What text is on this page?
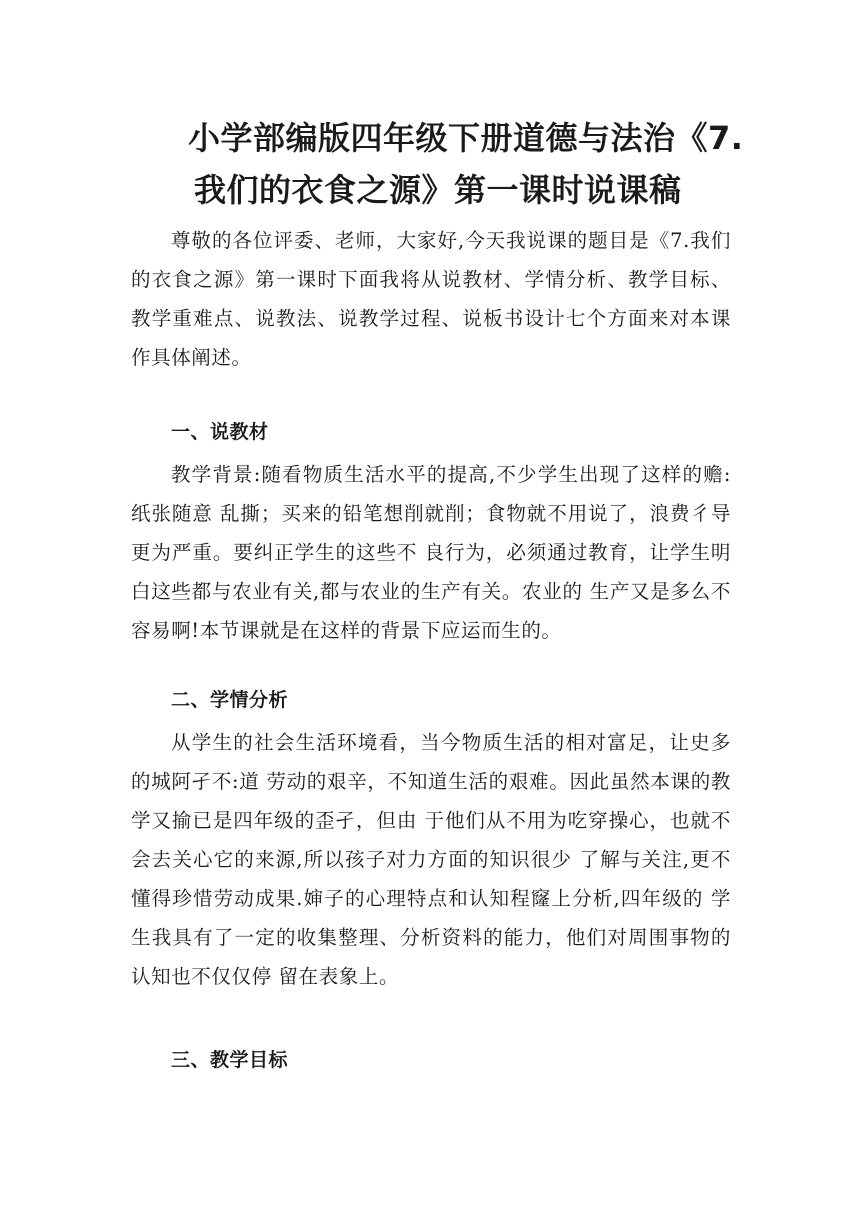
小学部编版四年级下册道德与法治《7.
我们的衣食之源》第一课时说课稿

尊敬的各位评委、老师，大家好,今天我说课的题目是《7.我们的衣食之源》第一课时下面我将从说教材、学情分析、教学目标、教学重难点、说教法、说教学过程、说板书设计七个方面来对本课作具体阐述。

一、说教材

教学背景:随看物质生活水平的提高,不少学生出现了这样的赡:纸张随意 乱撕；买来的铅笔想削就削；食物就不用说了，浪费彳导更为严重。要纠正学生的这些不 良行为，必须通过教育，让学生明白这些都与农业有关,都与农业的生产有关。农业的 生产又是多么不容易啊!本节课就是在这样的背景下应运而生的。

二、学情分析

从学生的社会生活环境看，当今物质生活的相对富足，让史多的城阿孑不:道 劳动的艰辛，不知道生活的艰难。因此虽然本课的教学又揄已是四年级的歪孑，但由 于他们从不用为吃穿操心，也就不会去关心它的来源,所以孩子对力方面的知识很少 了解与关注,更不懂得珍惜劳动成果.婶子的心理特点和认知程窿上分析,四年级的 学生我具有了一定的收集整理、分析资料的能力，他们对周围事物的认知也不仅仅停 留在表象上。

三、教学目标
